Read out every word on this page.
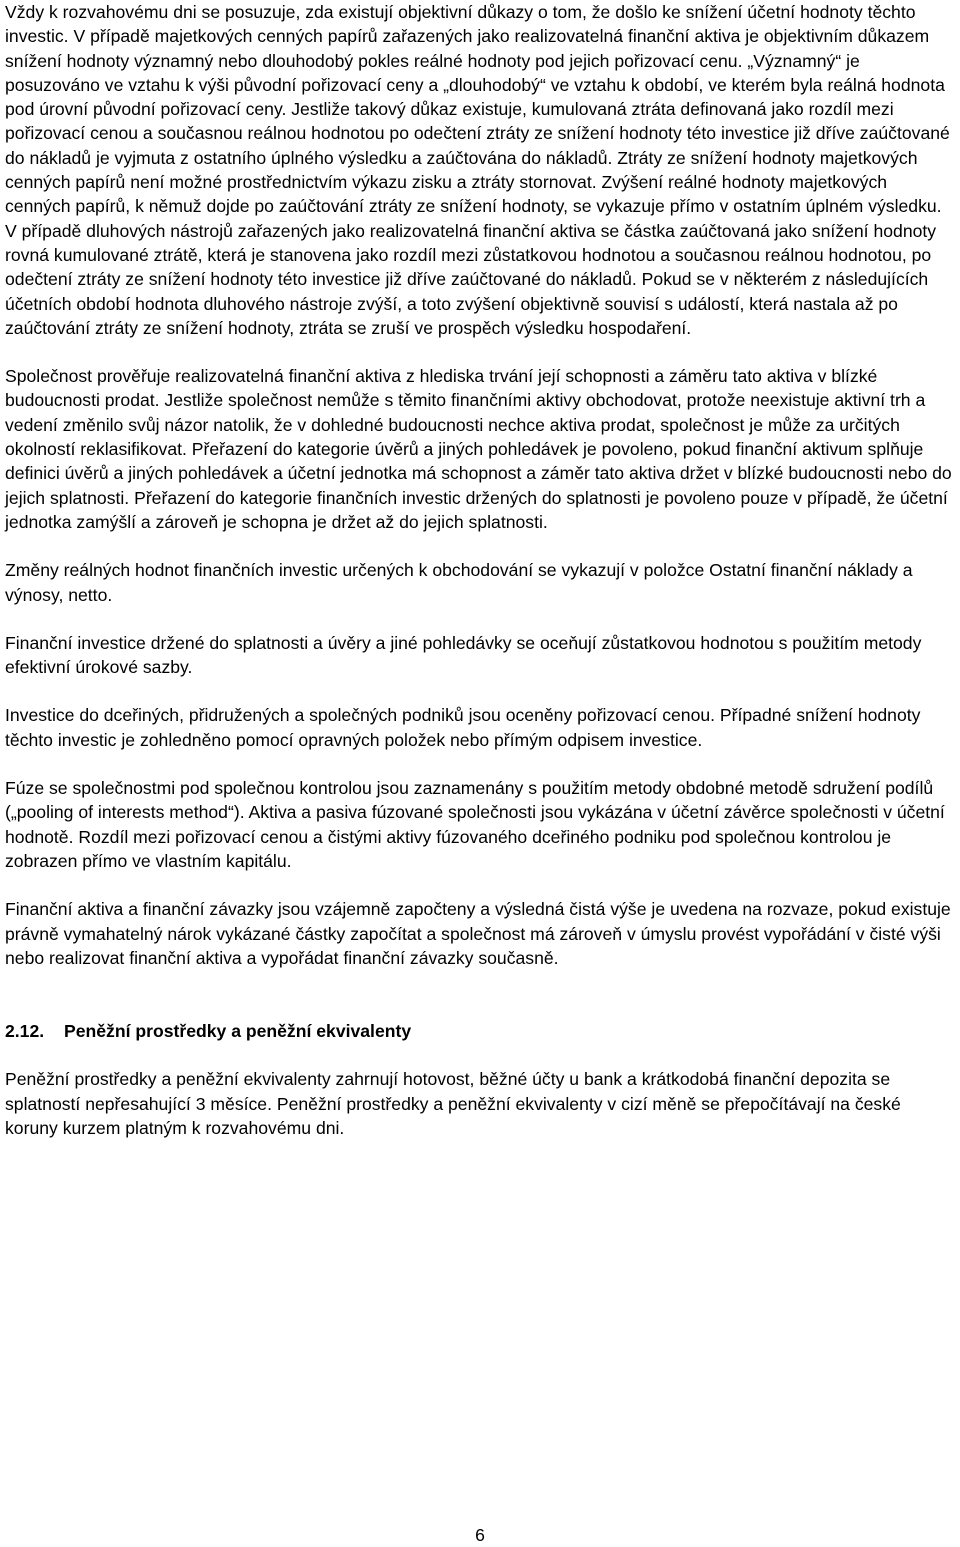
Vždy k rozvahovému dni se posuzuje, zda existují objektivní důkazy o tom, že došlo ke snížení účetní hodnoty těchto investic. V případě majetkových cenných papírů zařazených jako realizovatelná finanční aktiva je objektivním důkazem snížení hodnoty významný nebo dlouhodobý pokles reálné hodnoty pod jejich pořizovací cenu. „Významný“ je posuzováno ve vztahu k výši původní pořizovací ceny a „dlouhodobý“ ve vztahu k období, ve kterém byla reálná hodnota pod úrovní původní pořizovací ceny. Jestliže takový důkaz existuje, kumulovaná ztráta definovaná jako rozdíl mezi pořizovací cenou a současnou reálnou hodnotou po odečtení ztráty ze snížení hodnoty této investice již dříve zaúčtované do nákladů je vyjmuta z ostatního úplného výsledku a zaúčtována do nákladů. Ztráty ze snížení hodnoty majetkových cenných papírů není možné prostřednictvím výkazu zisku a ztráty stornovat. Zvýšení reálné hodnoty majetkových cenných papírů, k němuž dojde po zaúčtování ztráty ze snížení hodnoty, se vykazuje přímo v ostatním úplném výsledku. V případě dluhových nástrojů zařazených jako realizovatelná finanční aktiva se částka zaúčtovaná jako snížení hodnoty rovná kumulované ztrátě, která je stanovena jako rozdíl mezi zůstatkovou hodnotou a současnou reálnou hodnotou, po odečtení ztráty ze snížení hodnoty této investice již dříve zaúčtované do nákladů. Pokud se v některém z následujících účetních období hodnota dluhového nástroje zvýší, a toto zvýšení objektivně souvisí s událostí, která nastala až po zaúčtování ztráty ze snížení hodnoty, ztráta se zruší ve prospěch výsledku hospodaření.

Společnost prověřuje realizovatelná finanční aktiva z hlediska trvání její schopnosti a záměru tato aktiva v blízké budoucnosti prodat. Jestliže společnost nemůže s těmito finančními aktivy obchodovat, protože neexistuje aktivní trh a vedení změnilo svůj názor natolik, že v dohledné budoucnosti nechce aktiva prodat, společnost je může za určitých okolností reklasifikovat. Přeřazení do kategorie úvěrů a jiných pohledávek je povoleno, pokud finanční aktivum splňuje definici úvěrů a jiných pohledávek a účetní jednotka má schopnost a záměr tato aktiva držet v blízké budoucnosti nebo do jejich splatnosti. Přeřazení do kategorie finančních investic držených do splatnosti je povoleno pouze v případě, že účetní jednotka zamýšlí a zároveň je schopna je držet až do jejich splatnosti.

Změny reálných hodnot finančních investic určených k obchodování se vykazují v položce Ostatní finanční náklady a výnosy, netto.

Finanční investice držené do splatnosti a úvěry a jiné pohledávky se oceňují zůstatkovou hodnotou s použitím metody efektivní úrokové sazby.

Investice do dceřiných, přidružených a společných podniků jsou oceněny pořizovací cenou. Případné snížení hodnoty těchto investic je zohledněno pomocí opravných položek nebo přímým odpisem investice.

Fúze se společnostmi pod společnou kontrolou jsou zaznamenány s použitím metody obdobné metodě sdružení podílů („pooling of interests method“). Aktiva a pasiva fúzované společnosti jsou vykázána v účetní závěrce společnosti v účetní hodnotě. Rozdíl mezi pořizovací cenou a čistými aktivy fúzovaného dceřiného podniku pod společnou kontrolou je zobrazen přímo ve vlastním kapitálu.

Finanční aktiva a finanční závazky jsou vzájemně započteny a výsledná čistá výše je uvedena na rozvaze, pokud existuje právně vymahatelný nárok vykázané částky započítat a společnost má zároveň v úmyslu provést vypořádání v čisté výši nebo realizovat finanční aktiva a vypořádat finanční závazky současně.

2.12. Peněžní prostředky a peněžní ekvivalenty

Peněžní prostředky a peněžní ekvivalenty zahrnují hotovost, běžné účty u bank a krátkodobá finanční depozita se splatností nepřesahující 3 měsíce. Peněžní prostředky a peněžní ekvivalenty v cizí měně se přepočítávají na české koruny kurzem platným k rozvahovému dni.

6
